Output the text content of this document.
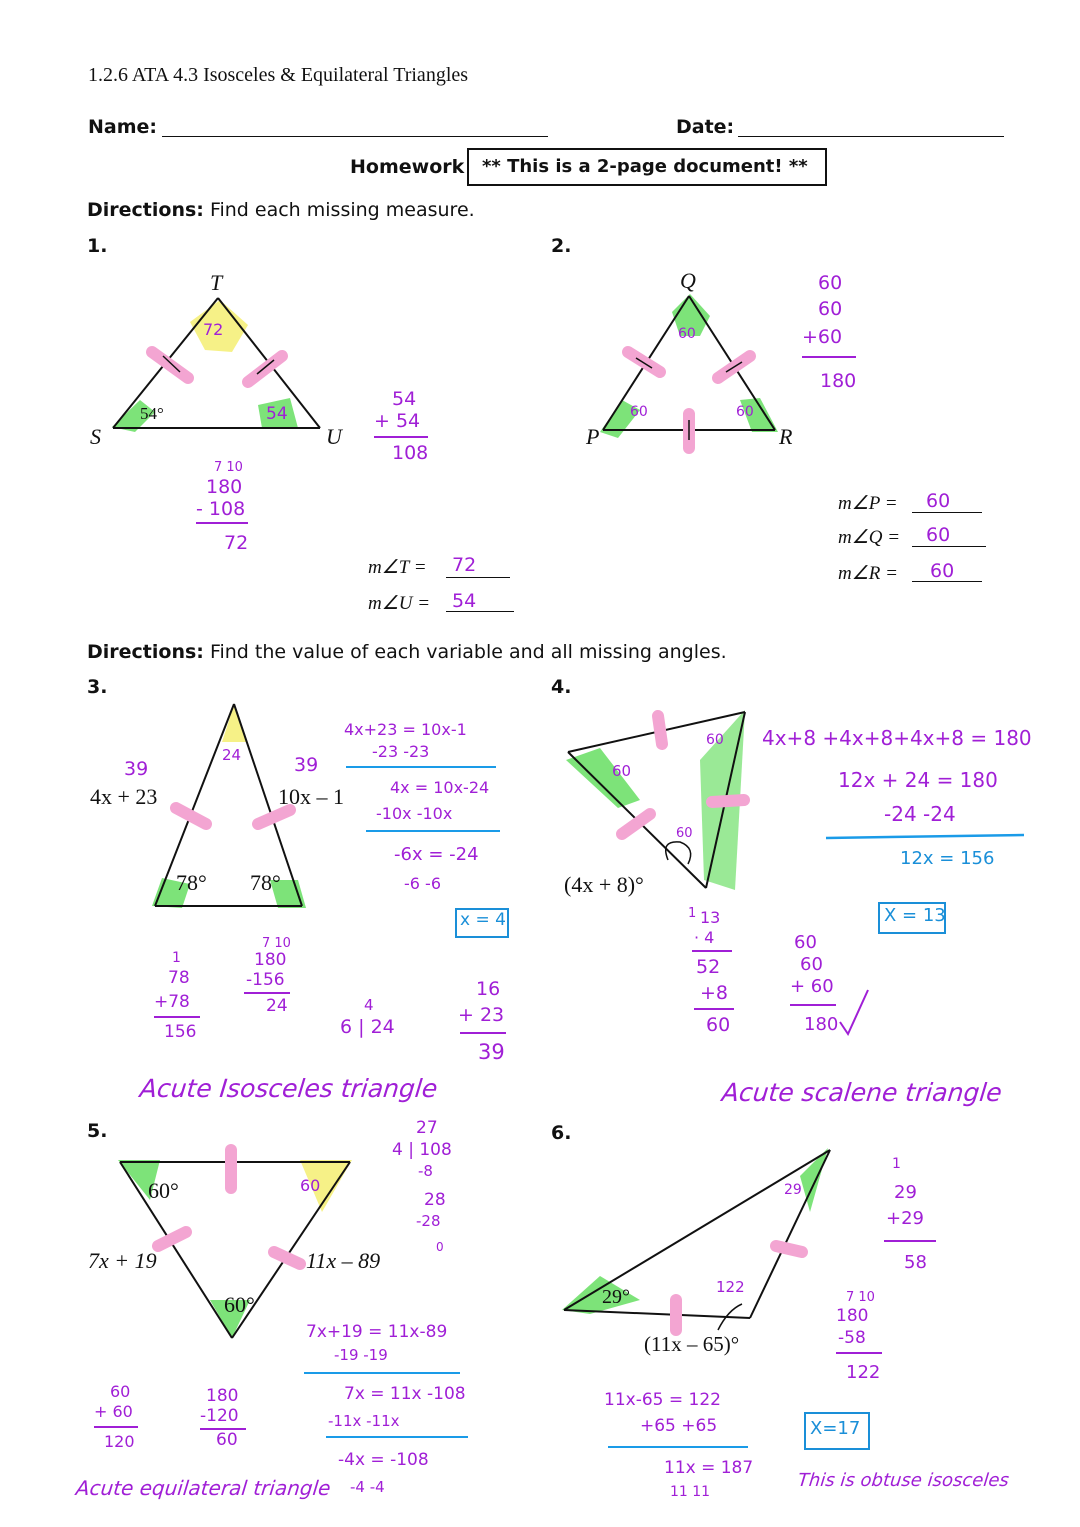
1.2.6 ATA 4.3 Isosceles & Equilateral Triangles
Name:	Date:
Homework ** This is a 2-page document! **
Directions: Find each missing measure.
1.
T
S	U
54°
72
54
54
+ 54
108
7 10
180
- 108
72
m∠T = 72
m∠U = 54
2.
Q
P	R
60
60	60
60
60
+60
180
m∠P = 60
m∠Q = 60
m∠R = 60
Directions: Find the value of each variable and all missing angles.
3.
4x + 23	10x – 1
78° 78°
39	39
24
4x+23 = 10x-1
-23 -23
4x = 10x-24
-10x -10x
-6x = -24
-6 -6
x = 4
1
78
+78
156
7 10
180
-156
24	4
6 | 24
16
+ 23
39
Acute Isosceles triangle
4.
(4x + 8)°
60
60
60
4x+8 +4x+8+4x+8 = 180
12x + 24 = 180
-24 -24
12x = 156
X = 13
1 13
· 4
52
+8
60
60
60
+ 60
180
Acute scalene triangle
5.
60°
60°
7x + 19	11x – 89
60
27
4 | 108
-8
28
-28
0
7x+19 = 11x-89
-19 -19
7x = 11x -108
-11x -11x
-4x = -108
-4 -4
60
+ 60
120
180
-120
60
Acute equilateral triangle
6.
29°
(11x – 65)°
29
122
1
29
+29
58
7 10
180
-58
122
11x-65 = 122
+65 +65
11x = 187
11 11
X=17
This is obtuse isosceles
